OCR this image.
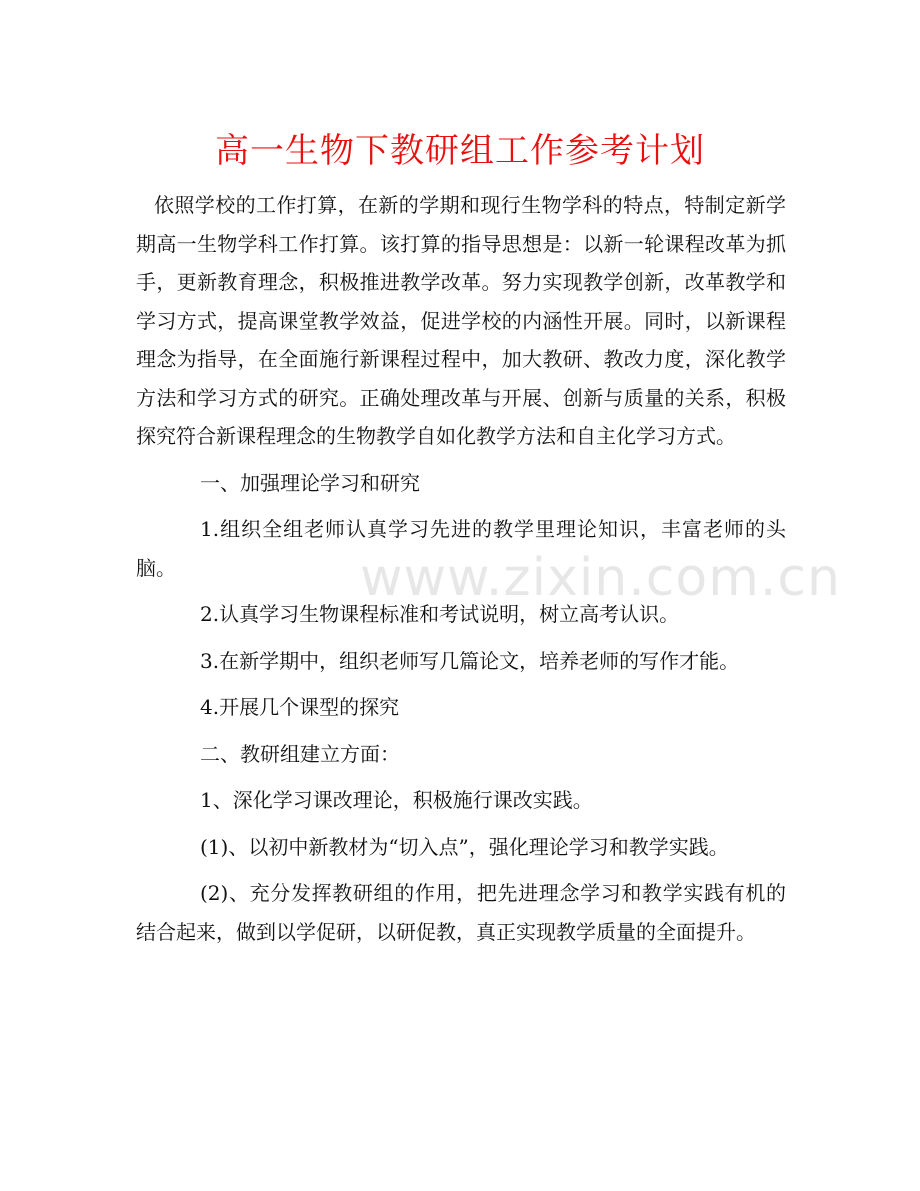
高一生物下教研组工作参考计划

依照学校的工作打算，在新的学期和现行生物学科的特点，特制定新学期高一生物学科工作打算。该打算的指导思想是：以新一轮课程改革为抓手，更新教育理念，积极推进教学改革。努力实现教学创新，改革教学和学习方式，提高课堂教学效益，促进学校的内涵性开展。同时，以新课程理念为指导，在全面施行新课程过程中，加大教研、教改力度，深化教学方法和学习方式的研究。正确处理改革与开展、创新与质量的关系，积极探究符合新课程理念的生物教学自如化教学方法和自主化学习方式。

一、加强理论学习和研究

1.组织全组老师认真学习先进的教学里理论知识，丰富老师的头脑。

2.认真学习生物课程标准和考试说明，树立高考认识。

3.在新学期中，组织老师写几篇论文，培养老师的写作才能。

4.开展几个课型的探究

二、教研组建立方面：

1、深化学习课改理论，积极施行课改实践。

(1)、以初中新教材为“切入点”，强化理论学习和教学实践。

(2)、充分发挥教研组的作用，把先进理念学习和教学实践有机的结合起来，做到以学促研，以研促教，真正实现教学质量的全面提升。

www.zixin.com.cn
